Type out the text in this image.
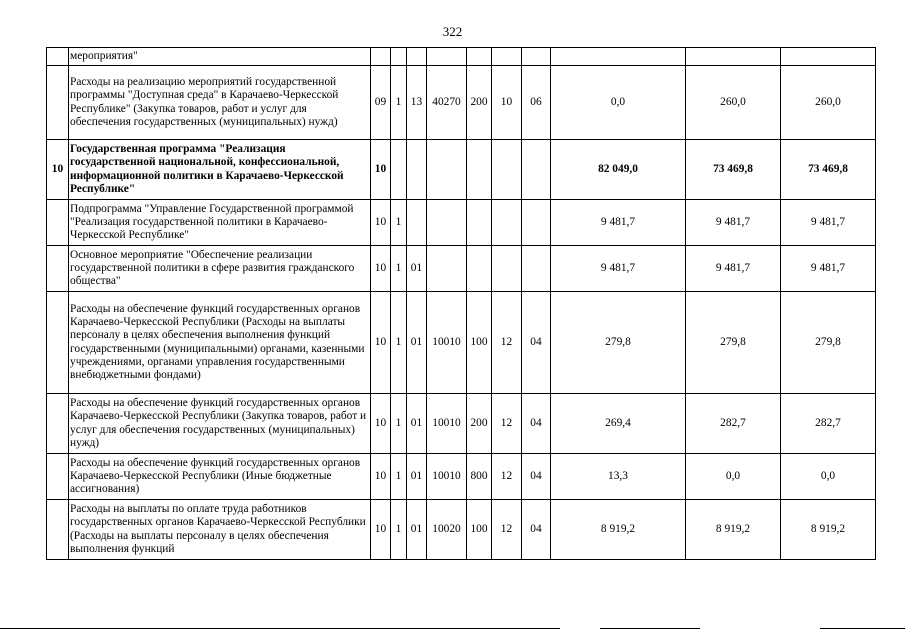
322
	мероприятия"										
	Расходы на реализацию мероприятий государственной программы "Доступная среда" в Карачаево-Черкесской Республике" (Закупка товаров, работ и услуг для обеспечения государственных (муниципальных) нужд)	09	1	13	40270	200	10	06	0,0	260,0	260,0
10	Государственная программа "Реализация государственной национальной, конфессиональной, информационной политики в Карачаево-Черкесской Республике"	10							82 049,0	73 469,8	73 469,8
	Подпрограмма "Управление Государственной программой "Реализация государственной политики в Карачаево-Черкесской Республике"	10	1						9 481,7	9 481,7	9 481,7
	Основное мероприятие "Обеспечение реализации государственной политики в сфере развития гражданского общества"	10	1	01					9 481,7	9 481,7	9 481,7
	Расходы на обеспечение функций государственных органов Карачаево-Черкесской Республики (Расходы на выплаты персоналу в целях обеспечения выполнения функций государственными (муниципальными) органами, казенными учреждениями, органами управления государственными внебюджетными фондами)	10	1	01	10010	100	12	04	279,8	279,8	279,8
	Расходы на обеспечение функций государственных органов Карачаево-Черкесской Республики (Закупка товаров, работ и услуг для обеспечения государственных (муниципальных) нужд)	10	1	01	10010	200	12	04	269,4	282,7	282,7
	Расходы на обеспечение функций государственных органов Карачаево-Черкесской Республики (Иные бюджетные ассигнования)	10	1	01	10010	800	12	04	13,3	0,0	0,0
	Расходы на выплаты по оплате труда работников государственных органов Карачаево-Черкесской Республики (Расходы на выплаты персоналу в целях обеспечения выполнения функций	10	1	01	10020	100	12	04	8 919,2	8 919,2	8 919,2
